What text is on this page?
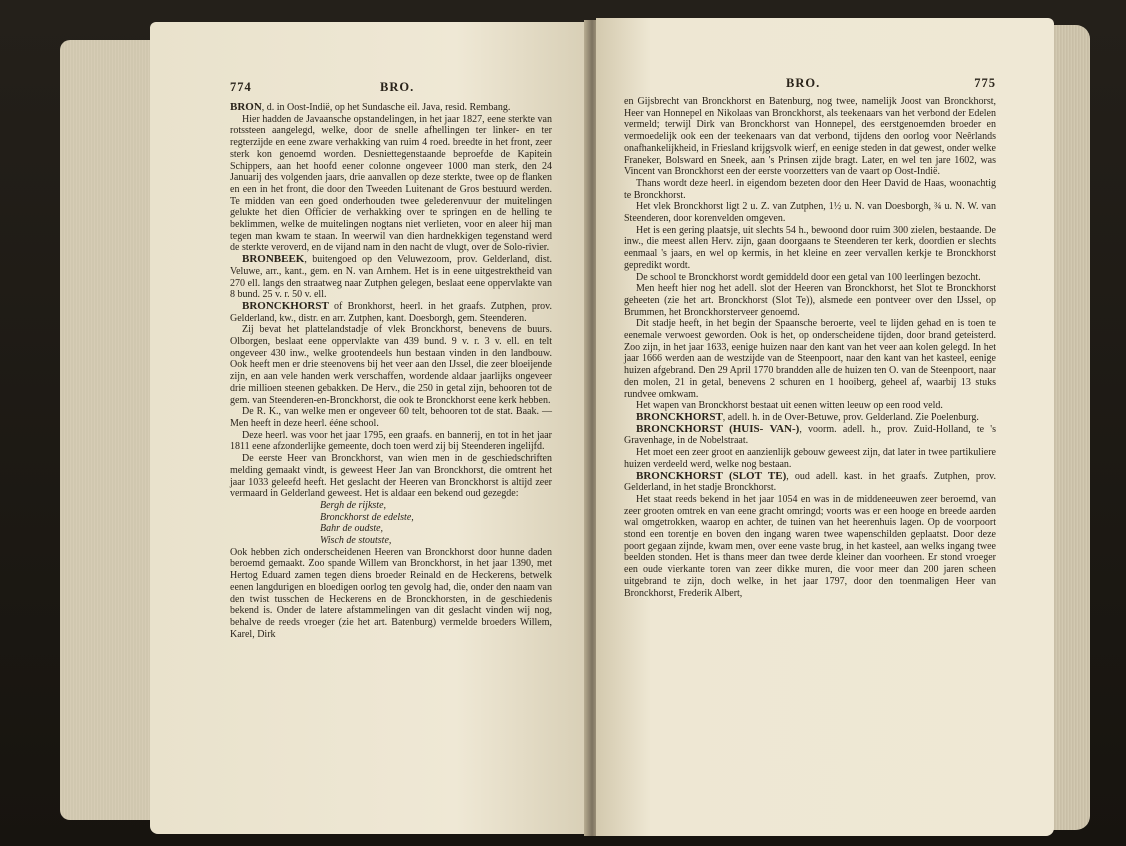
774	BRO.

BRON, d. in Oost-Indië, op het Sundasche eil. Java, resid. Rembang.

Hier hadden de Javaansche opstandelingen, in het jaar 1827, eene sterkte van rotssteen aangelegd, welke, door de snelle afhellingen ter linker- en ter regterzijde en eene zware verhakking van ruim 4 roed. breedte in het front, zeer sterk kon genoemd worden. Desniettegenstaande beproefde de Kapitein Schippers, aan het hoofd eener colonne ongeveer 1000 man sterk, den 24 Januarij des volgenden jaars, drie aanvallen op deze sterkte, twee op de flanken en een in het front, die door den Tweeden Luitenant de Gros bestuurd werden. Te midden van een goed onderhouden twee gelederenvuur der muitelingen gelukte het dien Officier de verhakking over te springen en de helling te beklimmen, welke de muitelingen nogtans niet verlieten, voor en aleer hij man tegen man kwam te staan. In weerwil van dien hardnekkigen tegenstand werd de sterkte veroverd, en de vijand nam in den nacht de vlugt, over de Solo-rivier.

BRONBEEK, buitengoed op den Veluwezoom, prov. Gelderland, dist. Veluwe, arr., kant., gem. en N. van Arnhem. Het is in eene uitgestrektheid van 270 ell. langs den straatweg naar Zutphen gelegen, beslaat eene oppervlakte van 8 bund. 25 v. r. 50 v. ell.

BRONCKHORST of Bronkhorst, heerl. in het graafs. Zutphen, prov. Gelderland, kw., distr. en arr. Zutphen, kant. Doesborgh, gem. Steenderen.

Zij bevat het plattelandstadje of vlek Bronckhorst, benevens de buurs. Olborgen, beslaat eene oppervlakte van 439 bund. 9 v. r. 3 v. ell. en telt ongeveer 430 inw., welke grootendeels hun bestaan vinden in den landbouw. Ook heeft men er drie steenovens bij het veer aan den IJssel, die zeer bloeijende zijn, en aan vele handen werk verschaffen, wordende aldaar jaarlijks ongeveer drie millioen steenen gebakken. De Herv., die 250 in getal zijn, behooren tot de gem. van Steenderen-en-Bronckhorst, die ook te Bronckhorst eene kerk hebben.

De R. K., van welke men er ongeveer 60 telt, behooren tot de stat. Baak. — Men heeft in deze heerl. ééne school.

Deze heerl. was voor het jaar 1795, een graafs. en bannerij, en tot in het jaar 1811 eene afzonderlijke gemeente, doch toen werd zij bij Steenderen ingelijfd.

De eerste Heer van Bronckhorst, van wien men in de geschiedschriften melding gemaakt vindt, is geweest Heer Jan van Bronckhorst, die omtrent het jaar 1033 geleefd heeft. Het geslacht der Heeren van Bronckhorst is altijd zeer vermaard in Gelderland geweest. Het is aldaar een bekend oud gezegde:

Bergh de rijkste,
Bronckhorst de edelste,
Bahr de oudste,
Wisch de stoutste,

Ook hebben zich onderscheidenen Heeren van Bronckhorst door hunne daden beroemd gemaakt. Zoo spande Willem van Bronckhorst, in het jaar 1390, met Hertog Eduard zamen tegen diens broeder Reinald en de Heckerens, betwelk eenen langdurigen en bloedigen oorlog ten gevolg had, die, onder den naam van den twist tusschen de Heckerens en de Bronckhorsten, in de geschiedenis bekend is. Onder de latere afstammelingen van dit geslacht vinden wij nog, behalve de reeds vroeger (zie het art. Batenburg) vermelde broeders Willem, Karel, Dirk

BRO.	775

en Gijsbrecht van Bronckhorst en Batenburg, nog twee, namelijk Joost van Bronckhorst, Heer van Honnepel en Nikolaas van Bronckhorst, als teekenaars van het verbond der Edelen vermeld; terwijl Dirk van Bronckhorst van Honnepel, des eerstgenoemden broeder en vermoedelijk ook een der teekenaars van dat verbond, tijdens den oorlog voor Neêrlands onafhankelijkheid, in Friesland krijgsvolk wierf, en eenige steden in dat gewest, onder welke Franeker, Bolsward en Sneek, aan 's Prinsen zijde bragt. Later, en wel ten jare 1602, was Vincent van Bronckhorst een der eerste voorzetters van de vaart op Oost-Indië.

Thans wordt deze heerl. in eigendom bezeten door den Heer David de Haas, woonachtig te Bronckhorst.

Het vlek Bronckhorst ligt 2 u. Z. van Zutphen, 1½ u. N. van Doesborgh, ¾ u. N. W. van Steenderen, door korenvelden omgeven.

Het is een gering plaatsje, uit slechts 54 h., bewoond door ruim 300 zielen, bestaande. De inw., die meest allen Herv. zijn, gaan doorgaans te Steenderen ter kerk, doordien er slechts eenmaal 's jaars, en wel op kermis, in het kleine en zeer vervallen kerkje te Bronckhorst gepredikt wordt.

De school te Bronckhorst wordt gemiddeld door een getal van 100 leerlingen bezocht.

Men heeft hier nog het adell. slot der Heeren van Bronckhorst, het Slot te Bronckhorst geheeten (zie het art. Bronckhorst (Slot Te)), alsmede een pontveer over den IJssel, op Brummen, het Bronckhorsterveer genoemd.

Dit stadje heeft, in het begin der Spaansche beroerte, veel te lijden gehad en is toen te eenemale verwoest geworden. Ook is het, op onderscheidene tijden, door brand geteisterd. Zoo zijn, in het jaar 1633, eenige huizen naar den kant van het veer aan kolen gelegd. In het jaar 1666 werden aan de westzijde van de Steenpoort, naar den kant van het kasteel, eenige huizen afgebrand. Den 29 April 1770 brandden alle de huizen ten O. van de Steenpoort, naar den molen, 21 in getal, benevens 2 schuren en 1 hooiberg, geheel af, waarbij 13 stuks rundvee omkwam.

Het wapen van Bronckhorst bestaat uit eenen witten leeuw op een rood veld.

BRONCKHORST, adell. h. in de Over-Betuwe, prov. Gelderland. Zie Poelenburg.

BRONCKHORST (HUIS- VAN-), voorm. adell. h., prov. Zuid-Holland, te 's Gravenhage, in de Nobelstraat.

Het moet een zeer groot en aanzienlijk gebouw geweest zijn, dat later in twee partikuliere huizen verdeeld werd, welke nog bestaan.

BRONCKHORST (SLOT TE), oud adell. kast. in het graafs. Zutphen, prov. Gelderland, in het stadje Bronckhorst.

Het staat reeds bekend in het jaar 1054 en was in de middeneeuwen zeer beroemd, van zeer grooten omtrek en van eene gracht omringd; voorts was er een hooge en breede aarden wal omgetrokken, waarop en achter, de tuinen van het heerenhuis lagen. Op de voorpoort stond een torentje en boven den ingang waren twee wapenschilden geplaatst. Door deze poort gegaan zijnde, kwam men, over eene vaste brug, in het kasteel, aan welks ingang twee beelden stonden. Het is thans meer dan twee derde kleiner dan voorheen. Er stond vroeger een oude vierkante toren van zeer dikke muren, die voor meer dan 200 jaren scheen uitgebrand te zijn, doch welke, in het jaar 1797, door den toenmaligen Heer van Bronckhorst, Frederik Albert,
